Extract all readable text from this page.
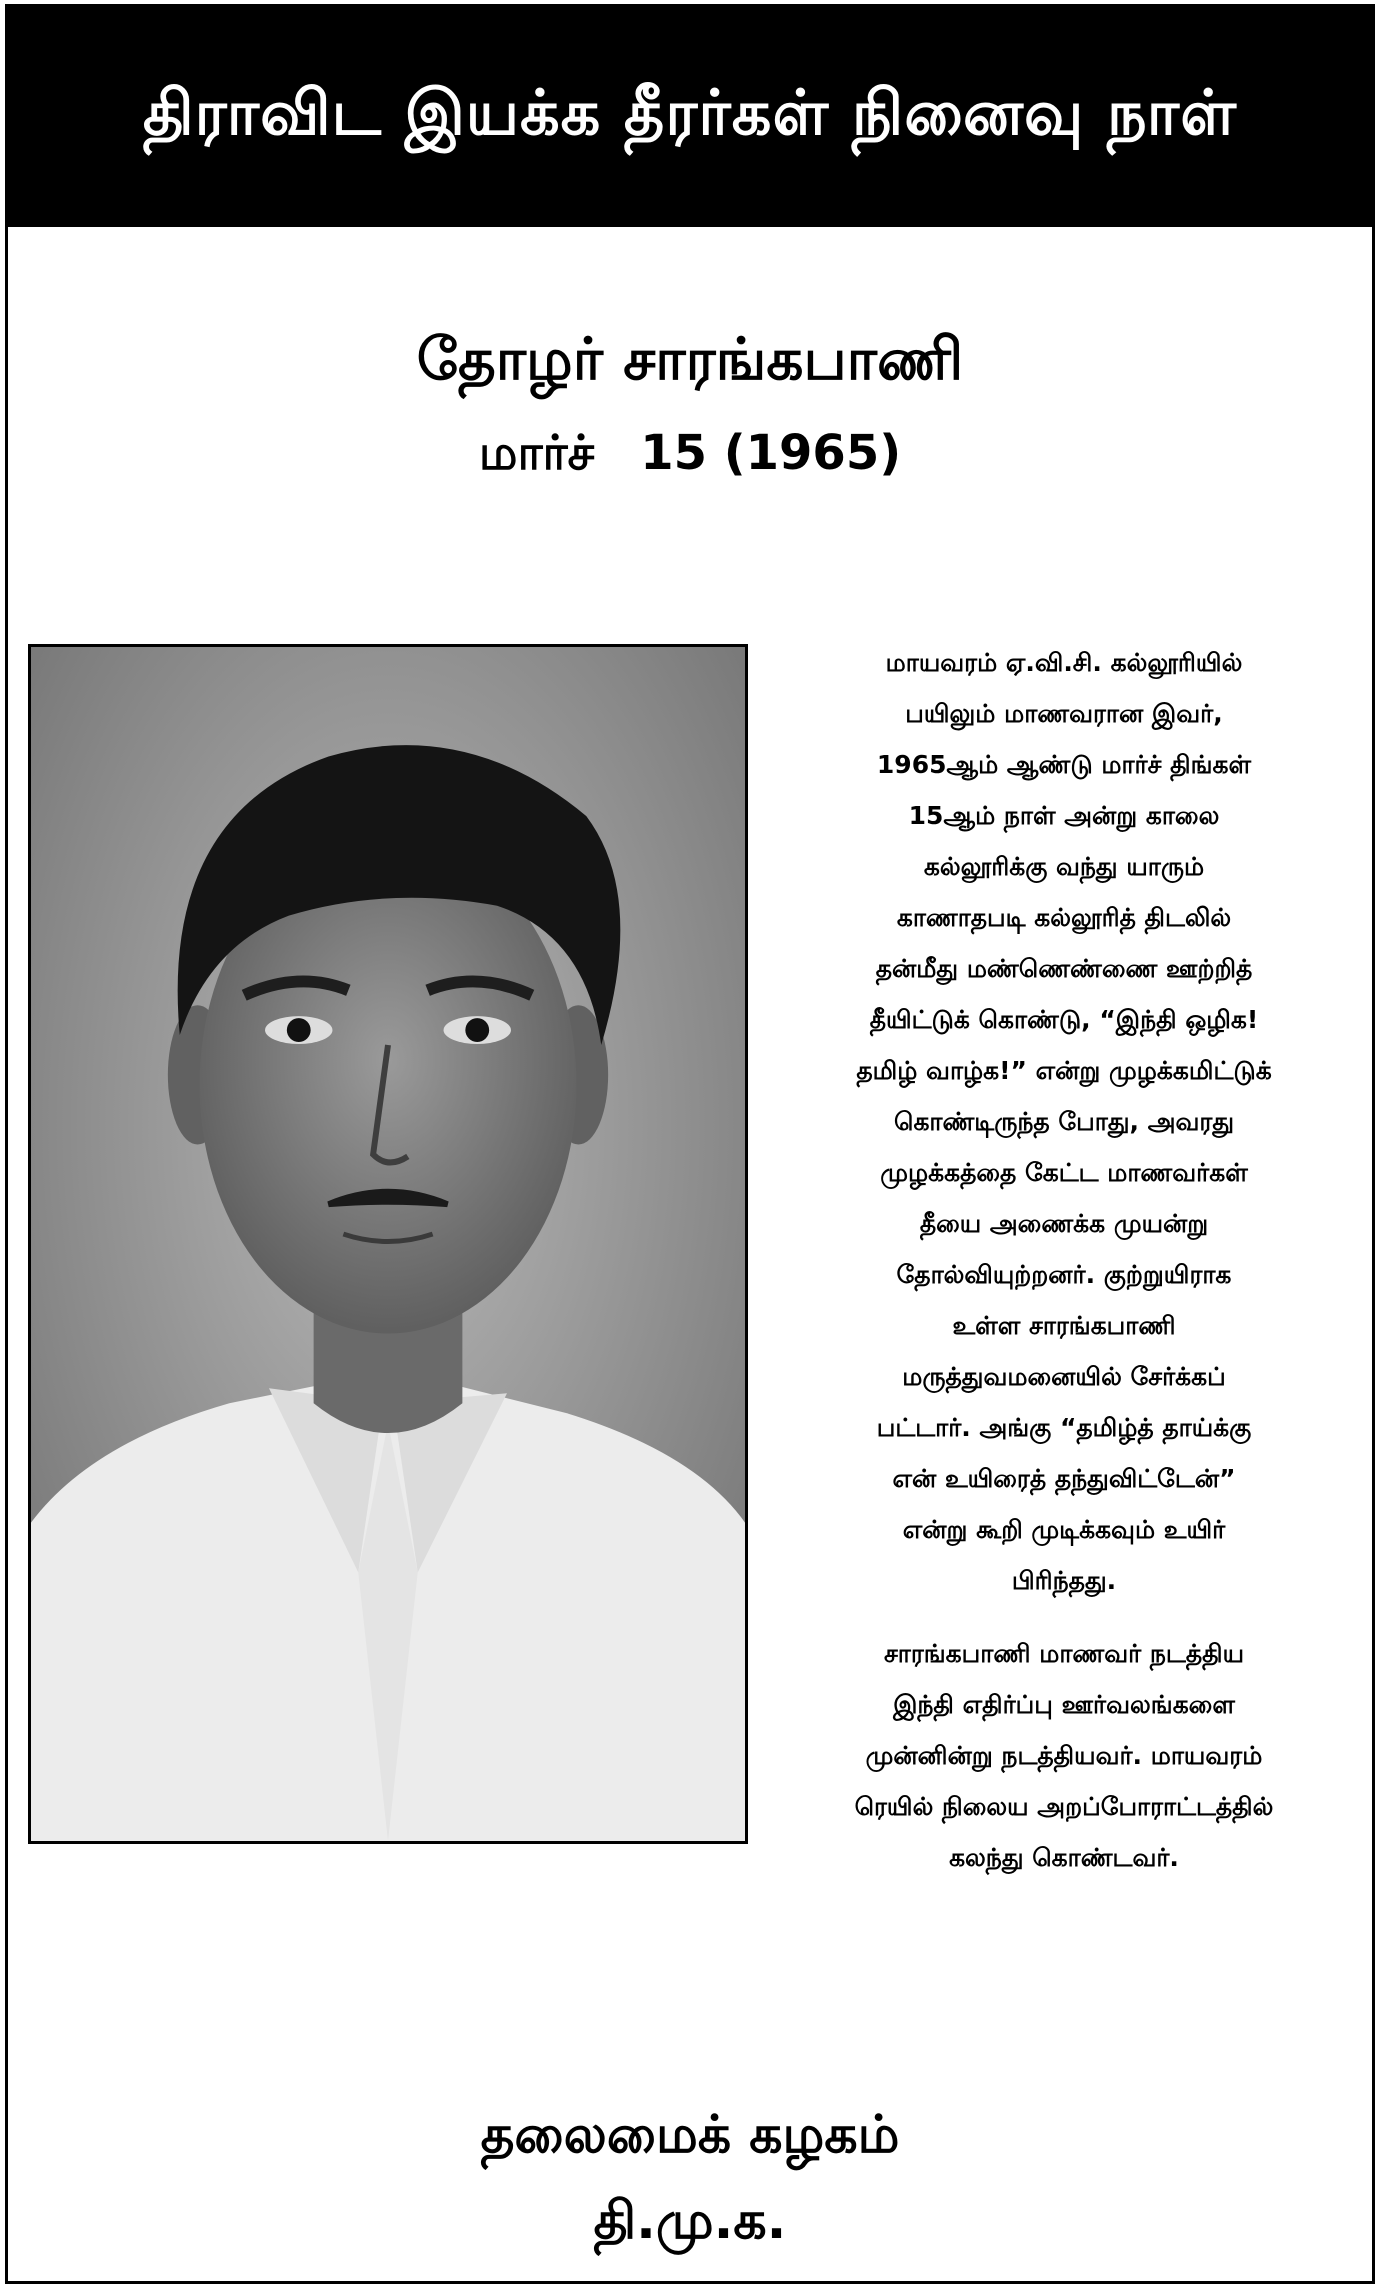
திராவிட இயக்க தீரர்கள் நினைவு நாள்
தோழர் சாரங்கபாணி
மார்ச் 15 (1965)

மாயவரம் ஏ.வி.சி. கல்லூரியில்
பயிலும் மாணவரான இவர்,
1965ஆம் ஆண்டு மார்ச் திங்கள்
15ஆம் நாள் அன்று காலை
கல்லூரிக்கு வந்து யாரும்
காணாதபடி கல்லூரித் திடலில்
தன்மீது மண்ணெண்ணை ஊற்றித்
தீயிட்டுக் கொண்டு, “இந்தி ஒழிக!
தமிழ் வாழ்க!” என்று முழக்கமிட்டுக்
கொண்டிருந்த போது, அவரது
முழக்கத்தை கேட்ட மாணவர்கள்
தீயை அணைக்க முயன்று
தோல்வியுற்றனர். குற்றுயிராக
உள்ள சாரங்கபாணி
மருத்துவமனையில் சேர்க்கப்
பட்டார். அங்கு “தமிழ்த் தாய்க்கு
என் உயிரைத் தந்துவிட்டேன்”
என்று கூறி முடிக்கவும் உயிர்
பிரிந்தது.

சாரங்கபாணி மாணவர் நடத்திய
இந்தி எதிர்ப்பு ஊர்வலங்களை
முன்னின்று நடத்தியவர். மாயவரம்
ரெயில் நிலைய அறப்போராட்டத்தில்
கலந்து கொண்டவர்.

தலைமைக் கழகம்
தி.மு.க.
